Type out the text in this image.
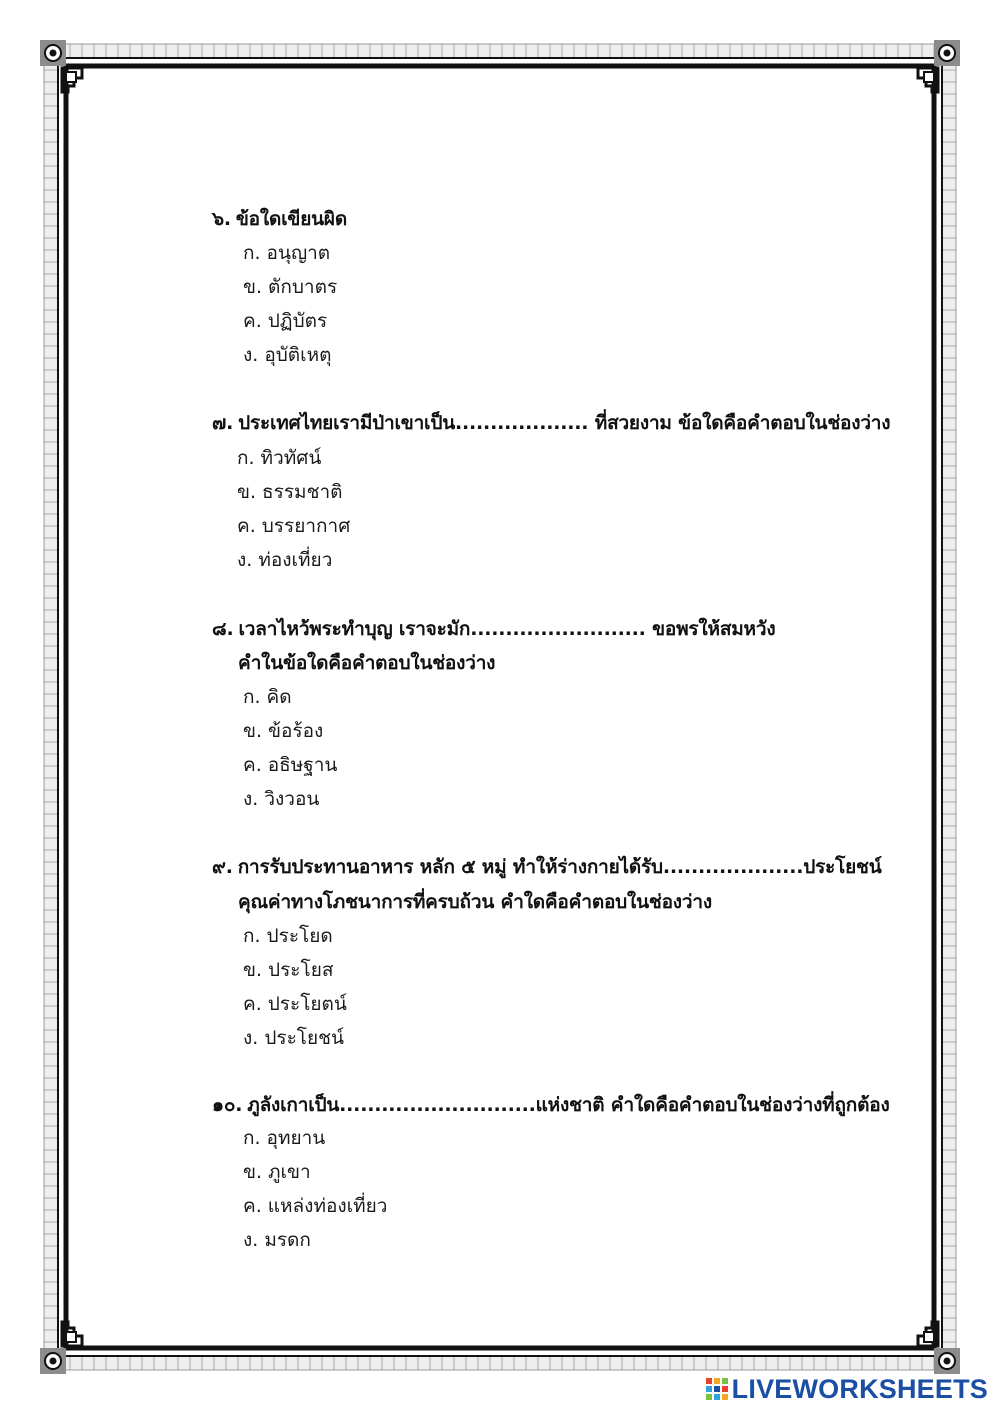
๖. ข้อใดเขียนผิด
ก. อนุญาต
ข. ตักบาตร
ค. ปฏิบัตร
ง. อุบัติเหตุ
๗. ประเทศไทยเรามีป่าเขาเป็น................... ที่สวยงาม ข้อใดคือคำตอบในช่องว่าง
ก. ทิวทัศน์
ข. ธรรมชาติ
ค. บรรยากาศ
ง. ท่องเที่ยว
๘. เวลาไหว้พระทำบุญ เราจะมัก......................... ขอพรให้สมหวัง
คำในข้อใดคือคำตอบในช่องว่าง
ก. คิด
ข. ข้อร้อง
ค. อธิษฐาน
ง. วิงวอน
๙. การรับประทานอาหาร หลัก ๕ หมู่ ทำให้ร่างกายได้รับ....................ประโยชน์
คุณค่าทางโภชนาการที่ครบถ้วน คำใดคือคำตอบในช่องว่าง
ก. ประโยด
ข. ประโยส
ค. ประโยตน์
ง. ประโยชน์
๑๐. ภูลังเกาเป็น............................แห่งชาติ คำใดคือคำตอบในช่องว่างที่ถูกต้อง
ก. อุทยาน
ข. ภูเขา
ค. แหล่งท่องเที่ยว
ง. มรดก
LIVEWORKSHEETS
